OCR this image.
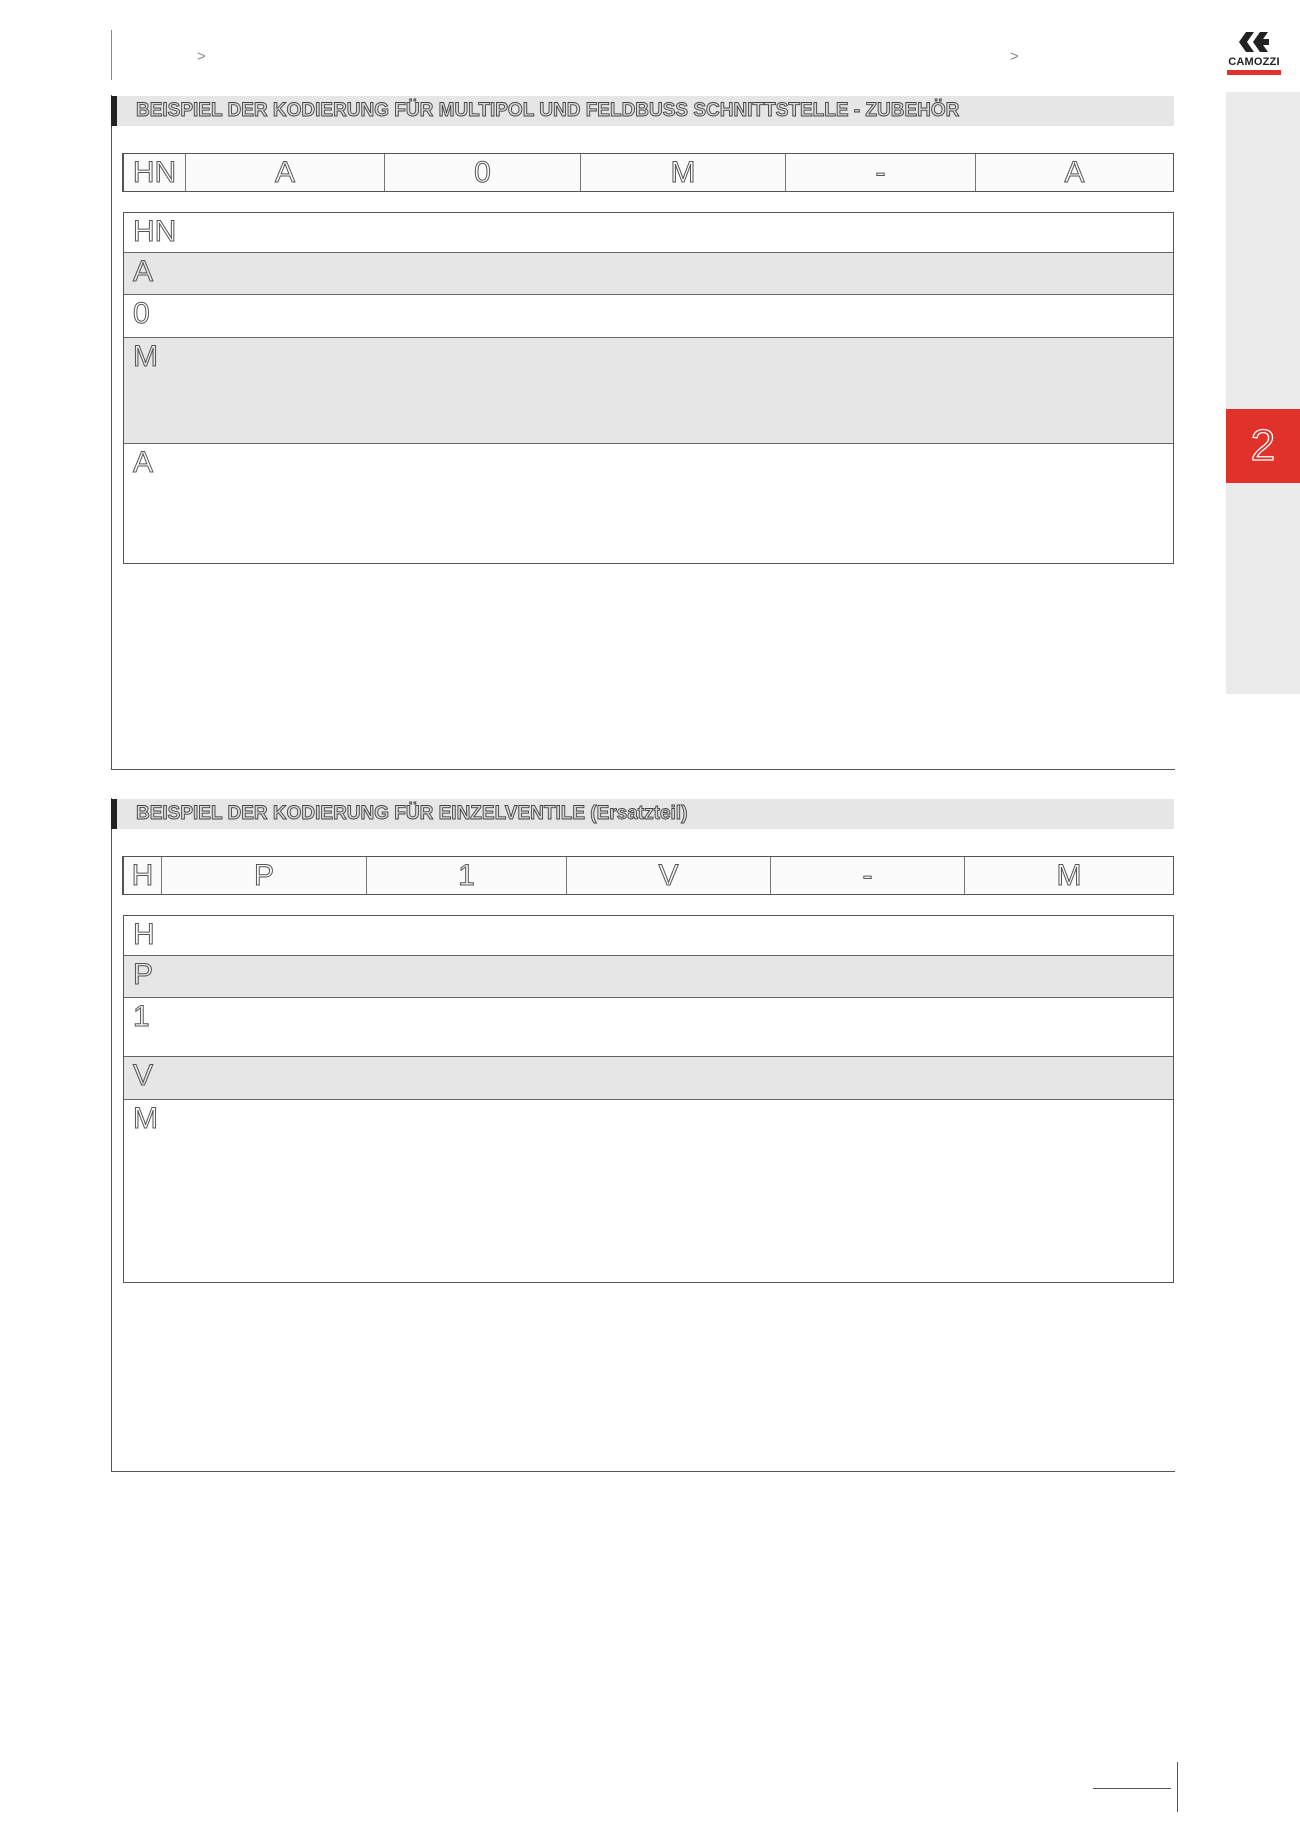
>	>	CAMOZZI
2
BEISPIEL DER KODIERUNG FÜR MULTIPOL UND FELDBUSS SCHNITTSTELLE - ZUBEHÖR
HN	A	0	M	-	A
HN
A
0
M
A
BEISPIEL DER KODIERUNG FÜR EINZELVENTILE (Ersatzteil)
H	P	1	V	-	M
H
P
1
V
M
